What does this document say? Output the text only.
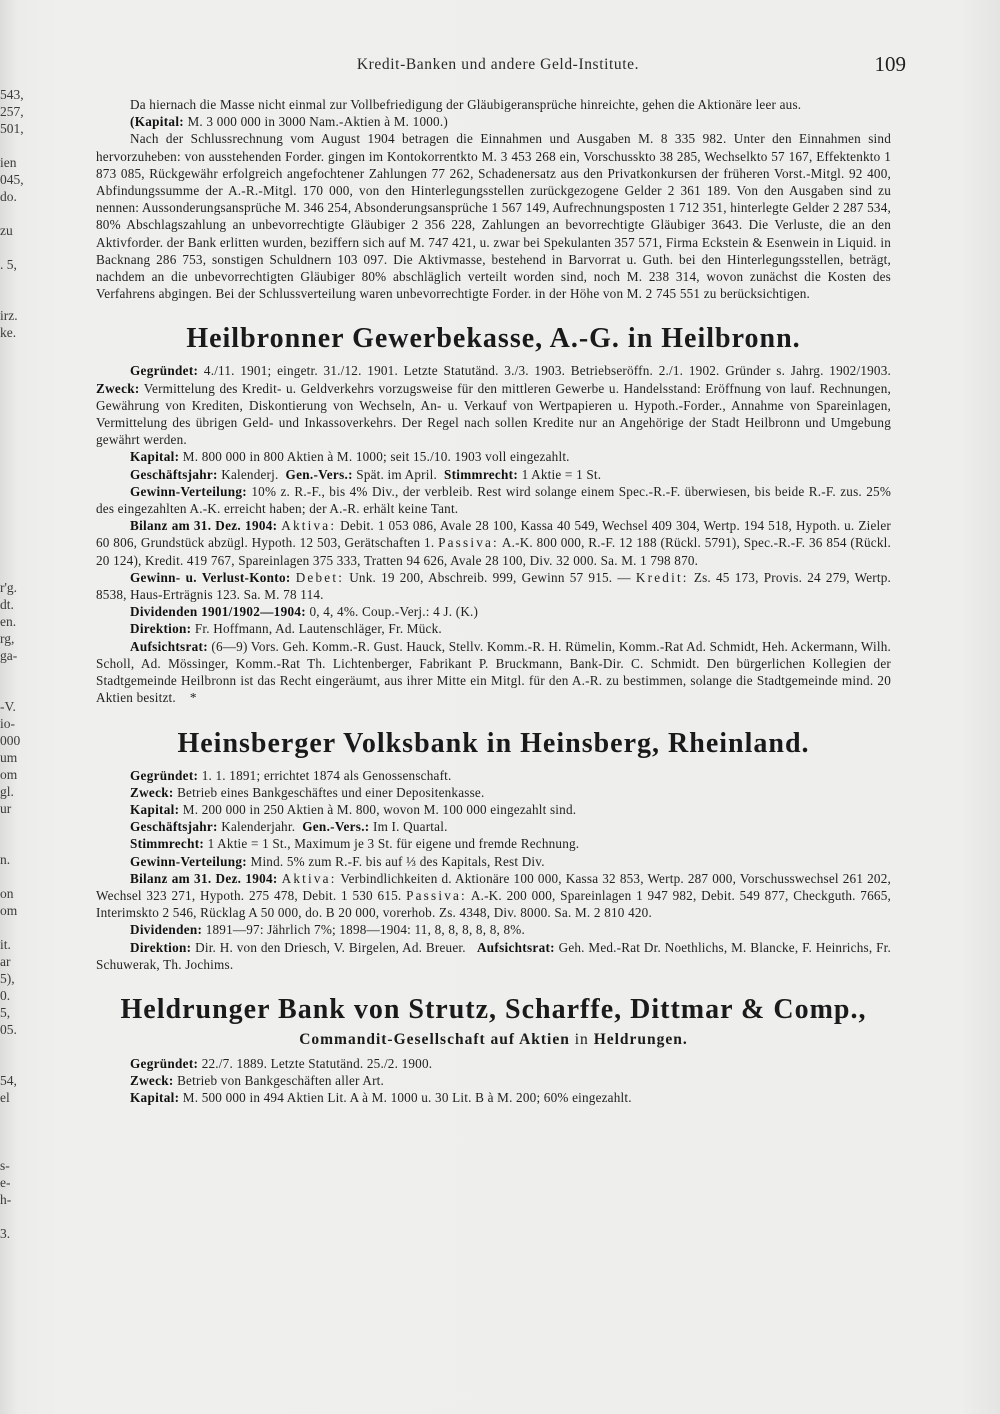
543,
257,
501,
ien
045,
do.
zu
. 5,
irz.
ke.
r'g.
dt.
en.
rg,
ga-
-V.
io-
000
um
om
gl.
ur
n.
on
om
it.
ar
5),
0.
5,
05.
54,
el
s-
e-
h-
3.
Kredit-Banken und andere Geld-Institute.	109

Da hiernach die Masse nicht einmal zur Vollbefriedigung der Gläubigeransprüche hinreichte, gehen die Aktionäre leer aus.

(Kapital: M. 3 000 000 in 3000 Nam.-Aktien à M. 1000.)

Nach der Schlussrechnung vom August 1904 betragen die Einnahmen und Ausgaben M. 8 335 982. Unter den Einnahmen sind hervorzuheben: von ausstehenden Forder. gingen im Kontokorrentkto M. 3 453 268 ein, Vorschusskto 38 285, Wechselkto 57 167, Effektenkto 1 873 085, Rückgewähr erfolgreich angefochtener Zahlungen 77 262, Schadenersatz aus den Privatkonkursen der früheren Vorst.-Mitgl. 92 400, Abfindungssumme der A.-R.-Mitgl. 170 000, von den Hinterlegungsstellen zurückgezogene Gelder 2 361 189. Von den Ausgaben sind zu nennen: Aussonderungsansprüche M. 346 254, Absonderungsansprüche 1 567 149, Aufrechnungsposten 1 712 351, hinterlegte Gelder 2 287 534, 80% Abschlagszahlung an unbevorrechtigte Gläubiger 2 356 228, Zahlungen an bevorrechtigte Gläubiger 3643. Die Verluste, die an den Aktivforder. der Bank erlitten wurden, beziffern sich auf M. 747 421, u. zwar bei Spekulanten 357 571, Firma Eckstein & Esenwein in Liquid. in Backnang 286 753, sonstigen Schuldnern 103 097. Die Aktivmasse, bestehend in Barvorrat u. Guth. bei den Hinterlegungsstellen, beträgt, nachdem an die unbevorrechtigten Gläubiger 80% abschläglich verteilt worden sind, noch M. 238 314, wovon zunächst die Kosten des Verfahrens abgingen. Bei der Schlussverteilung waren unbevorrechtigte Forder. in der Höhe von M. 2 745 551 zu berücksichtigen.

Heilbronner Gewerbekasse, A.-G. in Heilbronn.

Gegründet: 4./11. 1901; eingetr. 31./12. 1901. Letzte Statutänd. 3./3. 1903. Betriebseröffn. 2./1. 1902. Gründer s. Jahrg. 1902/1903. Zweck: Vermittelung des Kredit- u. Geldverkehrs vorzugsweise für den mittleren Gewerbe u. Handelsstand: Eröffnung von lauf. Rechnungen, Gewährung von Krediten, Diskontierung von Wechseln, An- u. Verkauf von Wertpapieren u. Hypoth.-Forder., Annahme von Spareinlagen, Vermittelung des übrigen Geld- und Inkassoverkehrs. Der Regel nach sollen Kredite nur an Angehörige der Stadt Heilbronn und Umgebung gewährt werden.

Kapital: M. 800 000 in 800 Aktien à M. 1000; seit 15./10. 1903 voll eingezahlt.

Geschäftsjahr: Kalenderj. Gen.-Vers.: Spät. im April. Stimmrecht: 1 Aktie = 1 St.

Gewinn-Verteilung: 10% z. R.-F., bis 4% Div., der verbleib. Rest wird solange einem Spec.-R.-F. überwiesen, bis beide R.-F. zus. 25% des eingezahlten A.-K. erreicht haben; der A.-R. erhält keine Tant.

Bilanz am 31. Dez. 1904: Aktiva: Debit. 1 053 086, Avale 28 100, Kassa 40 549, Wechsel 409 304, Wertp. 194 518, Hypoth. u. Zieler 60 806, Grundstück abzügl. Hypoth. 12 503, Gerätschaften 1. Passiva: A.-K. 800 000, R.-F. 12 188 (Rückl. 5791), Spec.-R.-F. 36 854 (Rückl. 20 124), Kredit. 419 767, Spareinlagen 375 333, Tratten 94 626, Avale 28 100, Div. 32 000. Sa. M. 1 798 870.

Gewinn- u. Verlust-Konto: Debet: Unk. 19 200, Abschreib. 999, Gewinn 57 915. — Kredit: Zs. 45 173, Provis. 24 279, Wertp. 8538, Haus-Erträgnis 123. Sa. M. 78 114.

Dividenden 1901/1902—1904: 0, 4, 4%. Coup.-Verj.: 4 J. (K.)

Direktion: Fr. Hoffmann, Ad. Lautenschläger, Fr. Mück.

Aufsichtsrat: (6—9) Vors. Geh. Komm.-R. Gust. Hauck, Stellv. Komm.-R. H. Rümelin, Komm.-Rat Ad. Schmidt, Heh. Ackermann, Wilh. Scholl, Ad. Mössinger, Komm.-Rat Th. Lichtenberger, Fabrikant P. Bruckmann, Bank-Dir. C. Schmidt. Den bürgerlichen Kollegien der Stadtgemeinde Heilbronn ist das Recht eingeräumt, aus ihrer Mitte ein Mitgl. für den A.-R. zu bestimmen, solange die Stadtgemeinde mind. 20 Aktien besitzt. *

Heinsberger Volksbank in Heinsberg, Rheinland.

Gegründet: 1. 1. 1891; errichtet 1874 als Genossenschaft.

Zweck: Betrieb eines Bankgeschäftes und einer Depositenkasse.

Kapital: M. 200 000 in 250 Aktien à M. 800, wovon M. 100 000 eingezahlt sind.

Geschäftsjahr: Kalenderjahr. Gen.-Vers.: Im I. Quartal.

Stimmrecht: 1 Aktie = 1 St., Maximum je 3 St. für eigene und fremde Rechnung.

Gewinn-Verteilung: Mind. 5% zum R.-F. bis auf ⅓ des Kapitals, Rest Div.

Bilanz am 31. Dez. 1904: Aktiva: Verbindlichkeiten d. Aktionäre 100 000, Kassa 32 853, Wertp. 287 000, Vorschusswechsel 261 202, Wechsel 323 271, Hypoth. 275 478, Debit. 1 530 615. Passiva: A.-K. 200 000, Spareinlagen 1 947 982, Debit. 549 877, Checkguth. 7665, Interimskto 2 546, Rücklag A 50 000, do. B 20 000, vorerhob. Zs. 4348, Div. 8000. Sa. M. 2 810 420.

Dividenden: 1891—97: Jährlich 7%; 1898—1904: 11, 8, 8, 8, 8, 8, 8%.

Direktion: Dir. H. von den Driesch, V. Birgelen, Ad. Breuer. Aufsichtsrat: Geh. Med.-Rat Dr. Noethlichs, M. Blancke, F. Heinrichs, Fr. Schuwerak, Th. Jochims.

Heldrunger Bank von Strutz, Scharffe, Dittmar & Comp.,
Commandit-Gesellschaft auf Aktien in Heldrungen.

Gegründet: 22./7. 1889. Letzte Statutänd. 25./2. 1900.

Zweck: Betrieb von Bankgeschäften aller Art.

Kapital: M. 500 000 in 494 Aktien Lit. A à M. 1000 u. 30 Lit. B à M. 200; 60% eingezahlt.
